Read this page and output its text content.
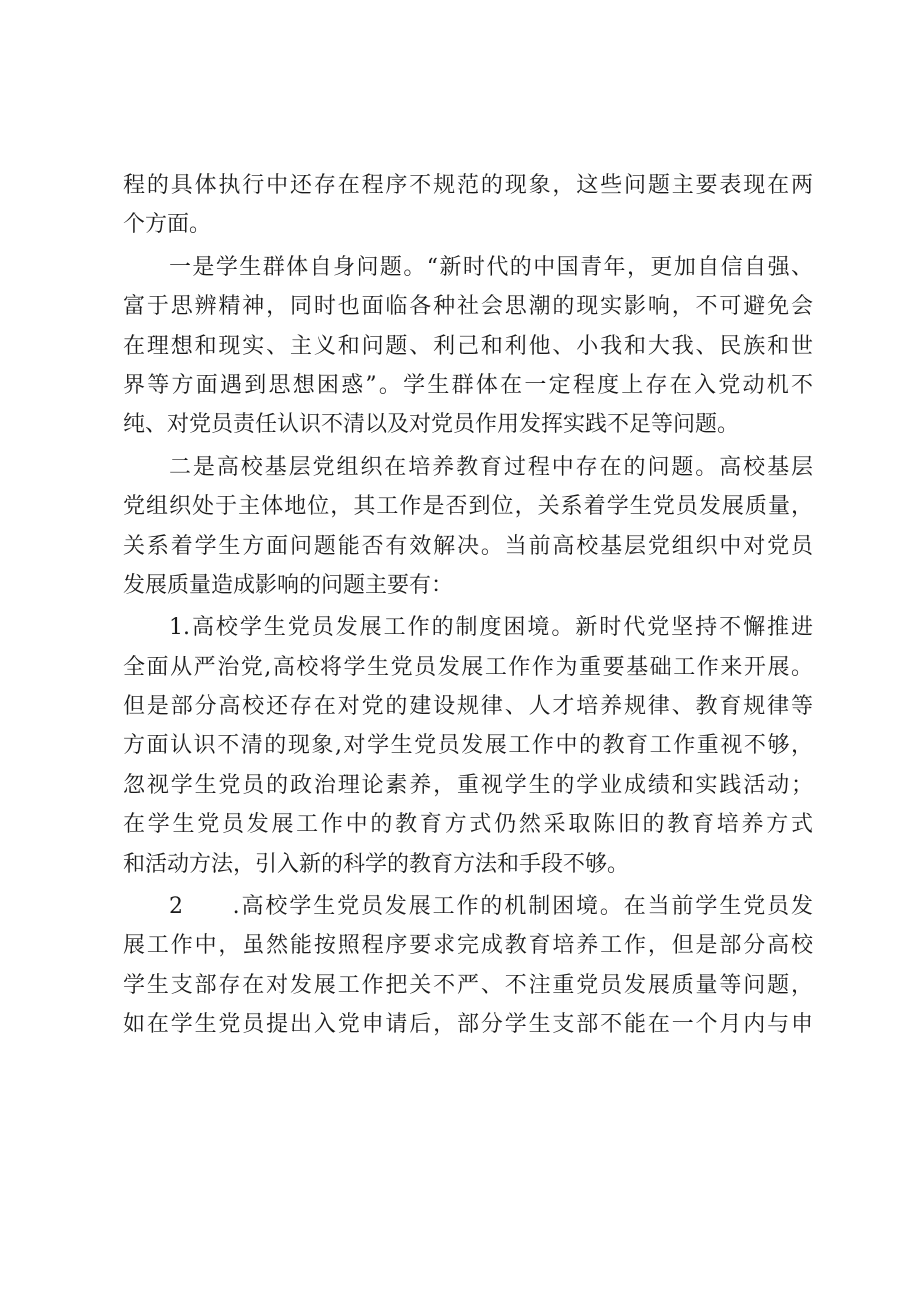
程的具体执行中还存在程序不规范的现象，这些问题主要表现在两
个方面。
一是学生群体自身问题。“新时代的中国青年，更加自信自强、
富于思辨精神，同时也面临各种社会思潮的现实影响，不可避免会
在理想和现实、主义和问题、利己和利他、小我和大我、民族和世
界等方面遇到思想困惑”。学生群体在一定程度上存在入党动机不
纯、对党员责任认识不清以及对党员作用发挥实践不足等问题。
二是高校基层党组织在培养教育过程中存在的问题。高校基层
党组织处于主体地位，其工作是否到位，关系着学生党员发展质量，
关系着学生方面问题能否有效解决。当前高校基层党组织中对党员
发展质量造成影响的问题主要有：
1.高校学生党员发展工作的制度困境。新时代党坚持不懈推进
全面从严治党,高校将学生党员发展工作作为重要基础工作来开展。
但是部分高校还存在对党的建设规律、人才培养规律、教育规律等
方面认识不清的现象,对学生党员发展工作中的教育工作重视不够，
忽视学生党员的政治理论素养，重视学生的学业成绩和实践活动；
在学生党员发展工作中的教育方式仍然采取陈旧的教育培养方式
和活动方法，引入新的科学的教育方法和手段不够。
2　　.高校学生党员发展工作的机制困境。在当前学生党员发
展工作中，虽然能按照程序要求完成教育培养工作，但是部分高校
学生支部存在对发展工作把关不严、不注重党员发展质量等问题，
如在学生党员提出入党申请后，部分学生支部不能在一个月内与申
